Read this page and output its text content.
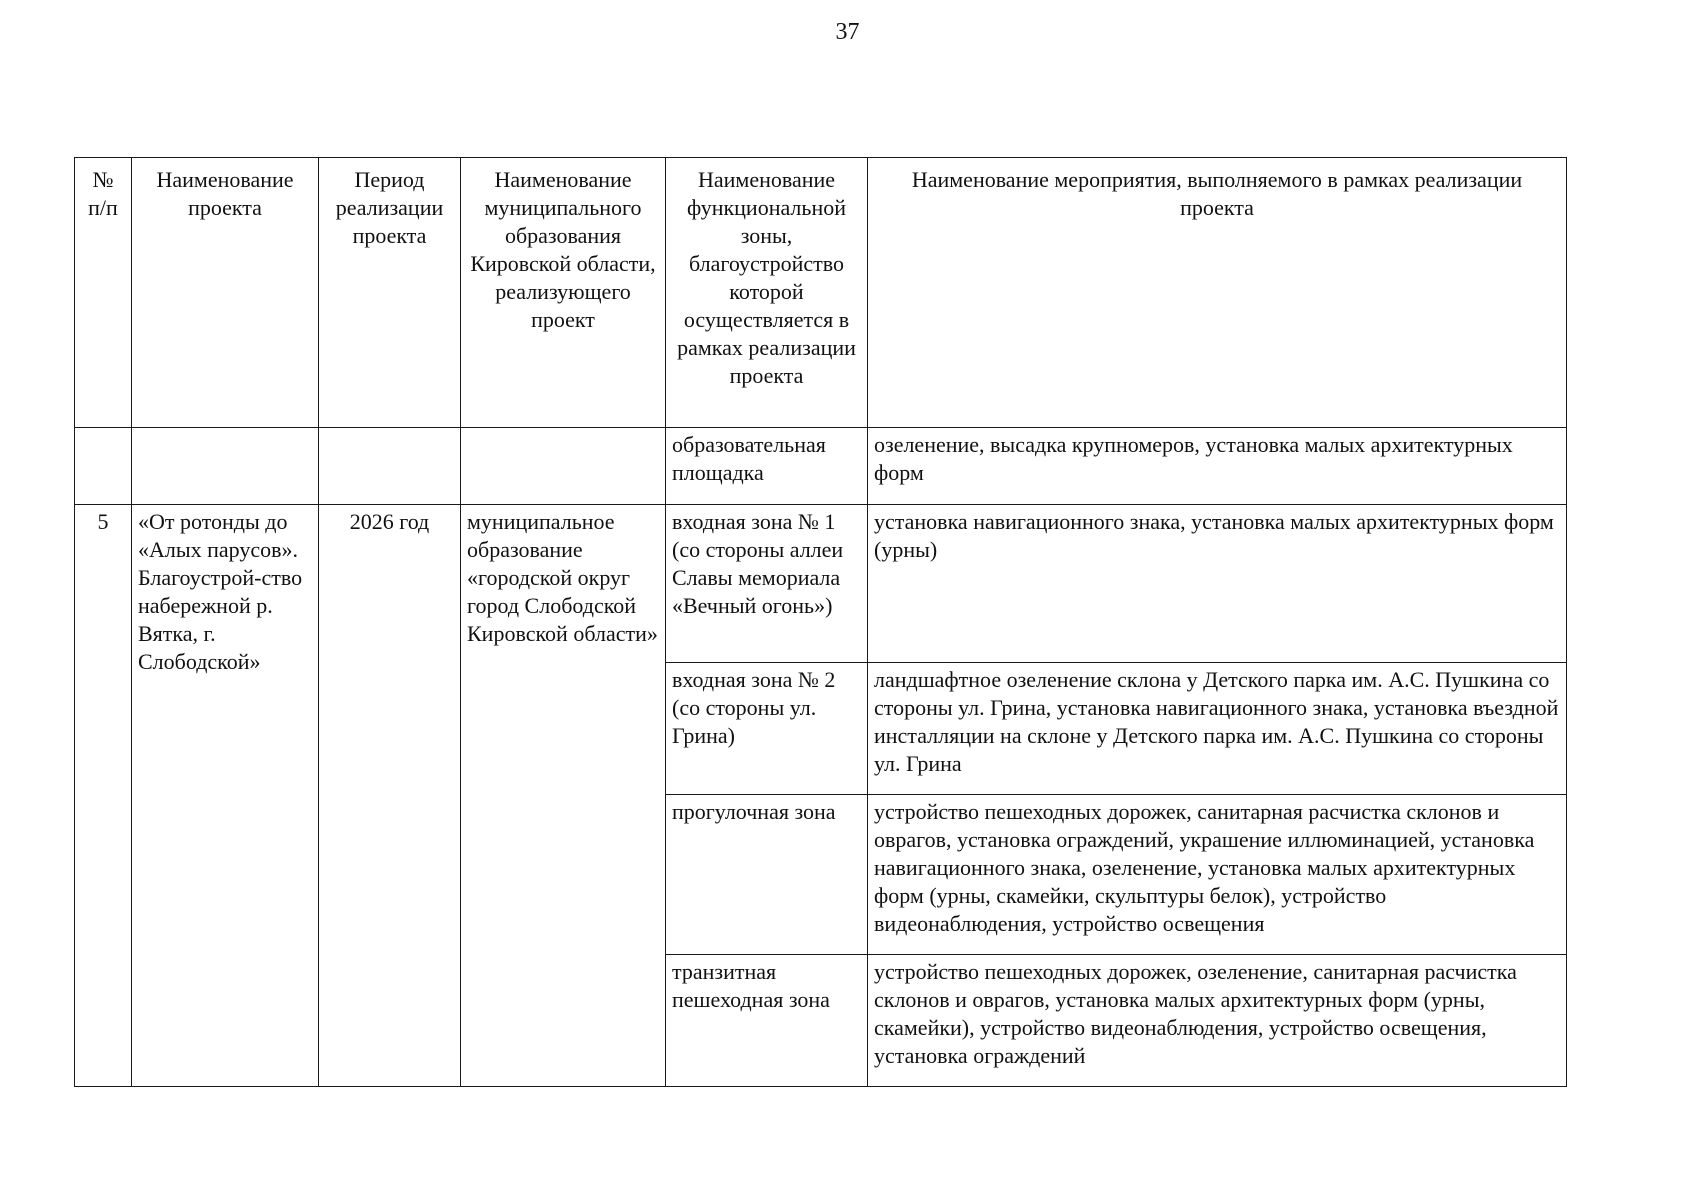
37
№ п/п	Наименование проекта	Период реализации проекта	Наименование муниципального образования Кировской области, реализующего проект	Наименование функциональной зоны, благоустройство которой осуществляется в рамках реализации проекта	Наименование мероприятия, выполняемого в рамках реализации проекта
				образовательная площадка	озеленение, высадка крупномеров, установка малых архитектурных форм
5	«От ротонды до «Алых парусов». Благоустрой-ство набережной р. Вятка, г. Слободской»	2026 год	муниципальное образование «городской округ город Слободской Кировской области»	входная зона № 1 (со стороны аллеи Славы мемориала «Вечный огонь»)	установка навигационного знака, установка малых архитектурных форм (урны)
				входная зона № 2 (со стороны ул. Грина)	ландшафтное озеленение склона у Детского парка им. А.С. Пушкина со стороны ул. Грина, установка навигационного знака, установка въездной инсталляции на склоне у Детского парка им. А.С. Пушкина со стороны ул. Грина
				прогулочная зона	устройство пешеходных дорожек, санитарная расчистка склонов и оврагов, установка ограждений, украшение иллюминацией, установка навигационного знака, озеленение, установка малых архитектурных форм (урны, скамейки, скульптуры белок), устройство видеонаблюдения, устройство освещения
				транзитная пешеходная зона	устройство пешеходных дорожек, озеленение, санитарная расчистка склонов и оврагов, установка малых архитектурных форм (урны, скамейки), устройство видеонаблюдения, устройство освещения, установка ограждений
